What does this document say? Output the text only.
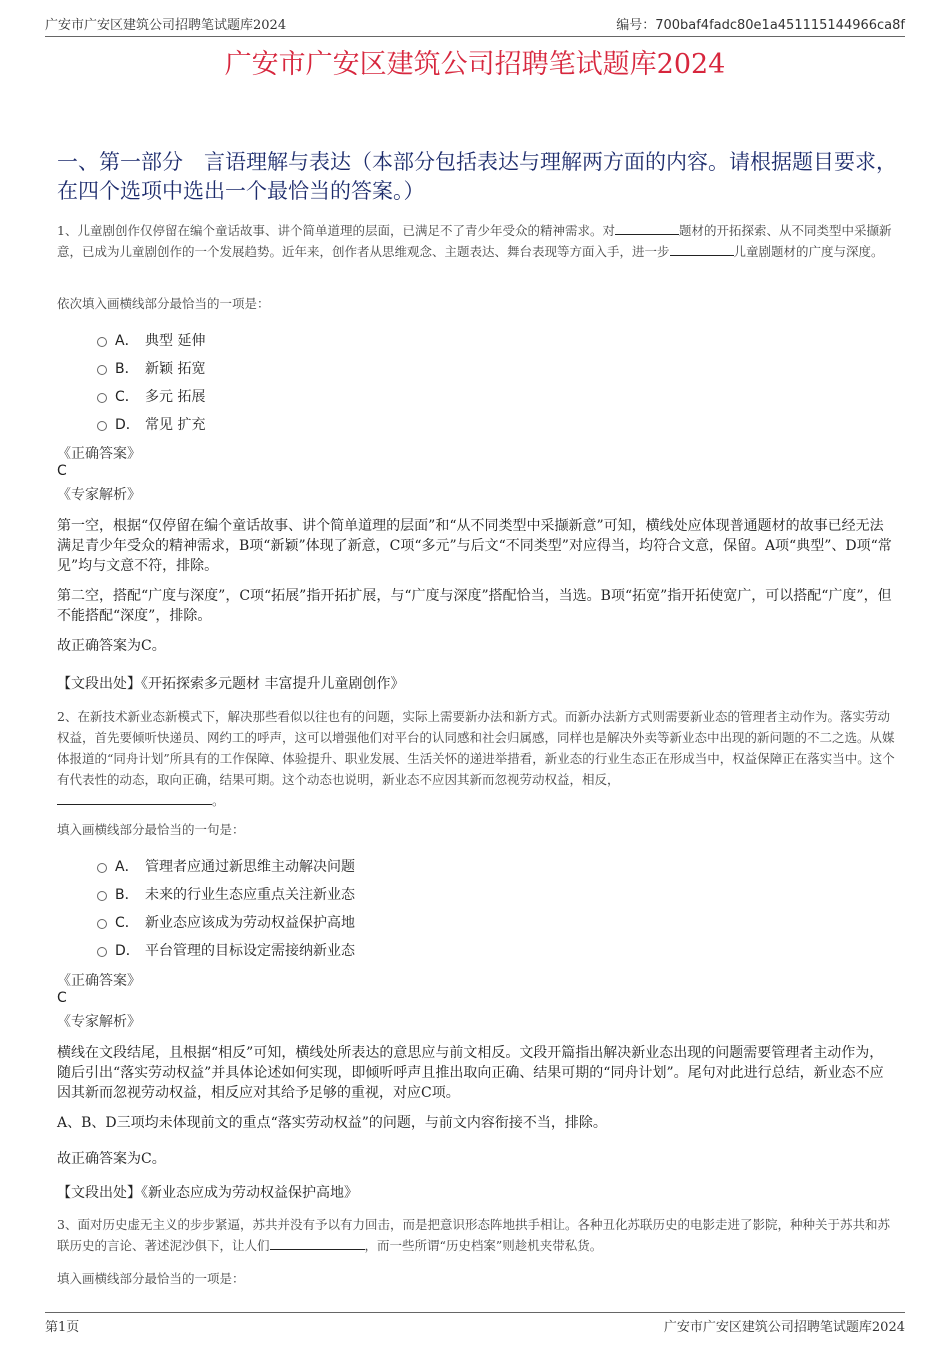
广安市广安区建筑公司招聘笔试题库2024	编号：700baf4fadc80e1a451115144966ca8f
广安市广安区建筑公司招聘笔试题库2024
一、第一部分　言语理解与表达（本部分包括表达与理解两方面的内容。请根据题目要求，在四个选项中选出一个最恰当的答案。）
1、儿童剧创作仅停留在编个童话故事、讲个简单道理的层面，已满足不了青少年受众的精神需求。对	题材的开拓探索、从不同类型中采撷新意，已成为儿童剧创作的一个发展趋势。近年来，创作者从思维观念、主题表达、舞台表现等方面入手，进一步	儿童剧题材的广度与深度。
依次填入画横线部分最恰当的一项是：
A． 典型 延伸
B． 新颖 拓宽
C． 多元 拓展
D． 常见 扩充
《正确答案》
C
《专家解析》
第一空，根据“仅停留在编个童话故事、讲个简单道理的层面”和“从不同类型中采撷新意”可知，横线处应体现普通题材的故事已经无法满足青少年受众的精神需求，B项“新颖”体现了新意，C项“多元”与后文“不同类型”对应得当，均符合文意，保留。A项“典型”、D项“常见”均与文意不符，排除。
第二空，搭配“广度与深度”，C项“拓展”指开拓扩展，与“广度与深度”搭配恰当，当选。B项“拓宽”指开拓使宽广，可以搭配“广度”，但不能搭配“深度”，排除。
故正确答案为C。
【文段出处】《开拓探索多元题材 丰富提升儿童剧创作》
2、在新技术新业态新模式下，解决那些看似以往也有的问题，实际上需要新办法和新方式。而新办法新方式则需要新业态的管理者主动作为。落实劳动权益，首先要倾听快递员、网约工的呼声，这可以增强他们对平台的认同感和社会归属感，同样也是解决外卖等新业态中出现的新问题的不二之选。从媒体报道的“同舟计划”所具有的工作保障、体验提升、职业发展、生活关怀的递进举措看，新业态的行业生态正在形成当中，权益保障正在落实当中。这个有代表性的动态，取向正确，结果可期。这个动态也说明，新业态不应因其新而忽视劳动权益，相反，
。
填入画横线部分最恰当的一句是：
A． 管理者应通过新思维主动解决问题
B． 未来的行业生态应重点关注新业态
C． 新业态应该成为劳动权益保护高地
D． 平台管理的目标设定需接纳新业态
《正确答案》
C
《专家解析》
横线在文段结尾，且根据“相反”可知，横线处所表达的意思应与前文相反。文段开篇指出解决新业态出现的问题需要管理者主动作为，随后引出“落实劳动权益”并具体论述如何实现，即倾听呼声且推出取向正确、结果可期的“同舟计划”。尾句对此进行总结，新业态不应因其新而忽视劳动权益，相反应对其给予足够的重视，对应C项。
A、B、D三项均未体现前文的重点“落实劳动权益”的问题，与前文内容衔接不当，排除。
故正确答案为C。
【文段出处】《新业态应成为劳动权益保护高地》
3、面对历史虚无主义的步步紧逼，苏共并没有予以有力回击，而是把意识形态阵地拱手相让。各种丑化苏联历史的电影走进了影院，种种关于苏共和苏联历史的言论、著述泥沙俱下，让人们	，而一些所谓“历史档案”则趁机夹带私货。
填入画横线部分最恰当的一项是：
第1页	广安市广安区建筑公司招聘笔试题库2024
